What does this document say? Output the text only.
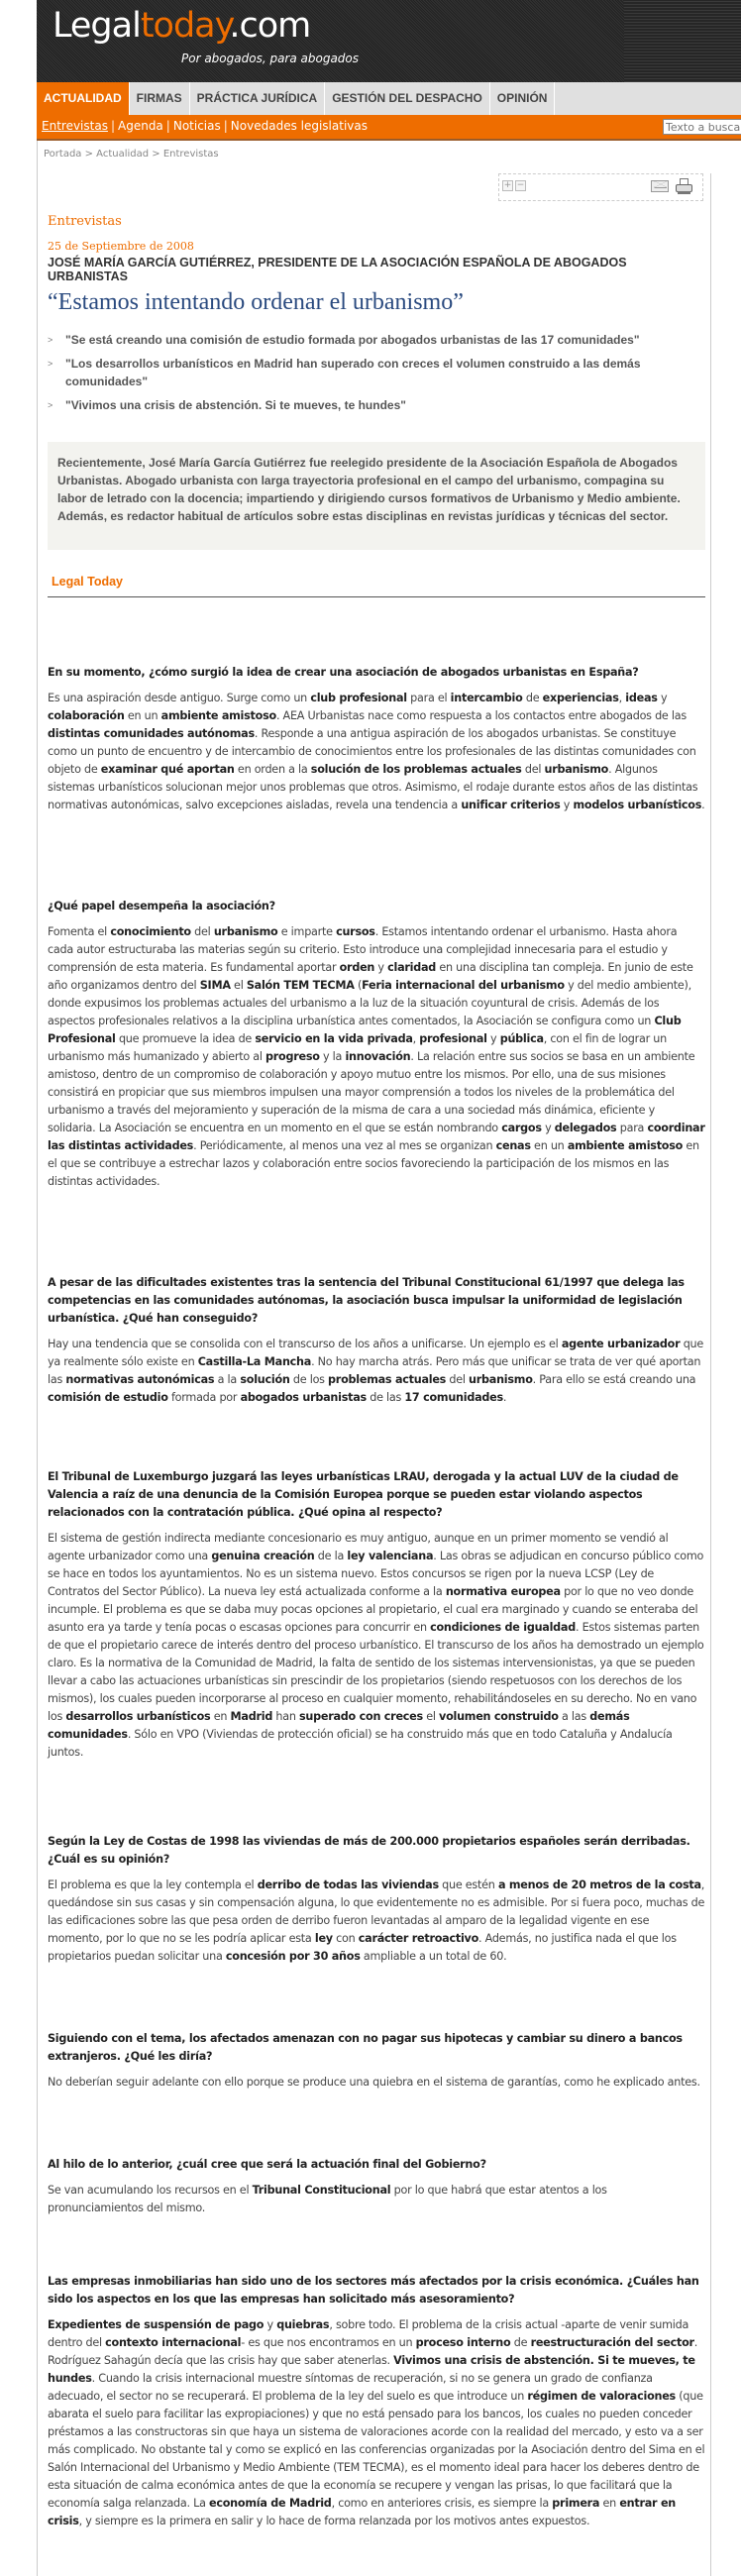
Legaltoday.com
Por abogados, para abogados
ACTUALIDAD	FIRMAS	PRÁCTICA JURÍDICA	GESTIÓN DEL DESPACHO	OPINIÓN
Entrevistas | Agenda | Noticias | Novedades legislativas
Texto a buscar
Portada > Actualidad > Entrevistas
+ −
Entrevistas
25 de Septiembre de 2008
JOSÉ MARÍA GARCÍA GUTIÉRREZ, PRESIDENTE DE LA ASOCIACIÓN ESPAÑOLA DE ABOGADOS URBANISTAS
“Estamos intentando ordenar el urbanismo”
> "Se está creando una comisión de estudio formada por abogados urbanistas de las 17 comunidades"
> "Los desarrollos urbanísticos en Madrid han superado con creces el volumen construido a las demás comunidades"
> "Vivimos una crisis de abstención. Si te mueves, te hundes"
Recientemente, José María García Gutiérrez fue reelegido presidente de la Asociación Española de Abogados Urbanistas. Abogado urbanista con larga trayectoria profesional en el campo del urbanismo, compagina su labor de letrado con la docencia; impartiendo y dirigiendo cursos formativos de Urbanismo y Medio ambiente. Además, es redactor habitual de artículos sobre estas disciplinas en revistas jurídicas y técnicas del sector.
Legal Today
En su momento, ¿cómo surgió la idea de crear una asociación de abogados urbanistas en España?
Es una aspiración desde antiguo. Surge como un club profesional para el intercambio de experiencias, ideas y colaboración en un ambiente amistoso. AEA Urbanistas nace como respuesta a los contactos entre abogados de las distintas comunidades autónomas. Responde a una antigua aspiración de los abogados urbanistas. Se constituye como un punto de encuentro y de intercambio de conocimientos entre los profesionales de las distintas comunidades con objeto de examinar qué aportan en orden a la solución de los problemas actuales del urbanismo. Algunos sistemas urbanísticos solucionan mejor unos problemas que otros. Asimismo, el rodaje durante estos años de las distintas normativas autonómicas, salvo excepciones aisladas, revela una tendencia a unificar criterios y modelos urbanísticos.
¿Qué papel desempeña la asociación?
Fomenta el conocimiento del urbanismo e imparte cursos. Estamos intentando ordenar el urbanismo. Hasta ahora cada autor estructuraba las materias según su criterio. Esto introduce una complejidad innecesaria para el estudio y comprensión de esta materia. Es fundamental aportar orden y claridad en una disciplina tan compleja. En junio de este año organizamos dentro del SIMA el Salón TEM TECMA (Feria internacional del urbanismo y del medio ambiente), donde expusimos los problemas actuales del urbanismo a la luz de la situación coyuntural de crisis. Además de los aspectos profesionales relativos a la disciplina urbanística antes comentados, la Asociación se configura como un Club Profesional que promueve la idea de servicio en la vida privada, profesional y pública, con el fin de lograr un urbanismo más humanizado y abierto al progreso y la innovación. La relación entre sus socios se basa en un ambiente amistoso, dentro de un compromiso de colaboración y apoyo mutuo entre los mismos. Por ello, una de sus misiones consistirá en propiciar que sus miembros impulsen una mayor comprensión a todos los niveles de la problemática del urbanismo a través del mejoramiento y superación de la misma de cara a una sociedad más dinámica, eficiente y solidaria. La Asociación se encuentra en un momento en el que se están nombrando cargos y delegados para coordinar las distintas actividades. Periódicamente, al menos una vez al mes se organizan cenas en un ambiente amistoso en el que se contribuye a estrechar lazos y colaboración entre socios favoreciendo la participación de los mismos en las distintas actividades.
A pesar de las dificultades existentes tras la sentencia del Tribunal Constitucional 61/1997 que delega las competencias en las comunidades autónomas, la asociación busca impulsar la uniformidad de legislación urbanística. ¿Qué han conseguido?
Hay una tendencia que se consolida con el transcurso de los años a unificarse. Un ejemplo es el agente urbanizador que ya realmente sólo existe en Castilla-La Mancha. No hay marcha atrás. Pero más que unificar se trata de ver qué aportan las normativas autonómicas a la solución de los problemas actuales del urbanismo. Para ello se está creando una comisión de estudio formada por abogados urbanistas de las 17 comunidades.
El Tribunal de Luxemburgo juzgará las leyes urbanísticas LRAU, derogada y la actual LUV de la ciudad de Valencia a raíz de una denuncia de la Comisión Europea porque se pueden estar violando aspectos relacionados con la contratación pública. ¿Qué opina al respecto?
El sistema de gestión indirecta mediante concesionario es muy antiguo, aunque en un primer momento se vendió al agente urbanizador como una genuina creación de la ley valenciana. Las obras se adjudican en concurso público como se hace en todos los ayuntamientos. No es un sistema nuevo. Estos concursos se rigen por la nueva LCSP (Ley de Contratos del Sector Público). La nueva ley está actualizada conforme a la normativa europea por lo que no veo donde incumple. El problema es que se daba muy pocas opciones al propietario, el cual era marginado y cuando se enteraba del asunto era ya tarde y tenía pocas o escasas opciones para concurrir en condiciones de igualdad. Estos sistemas parten de que el propietario carece de interés dentro del proceso urbanístico. El transcurso de los años ha demostrado un ejemplo claro. Es la normativa de la Comunidad de Madrid, la falta de sentido de los sistemas intervensionistas, ya que se pueden llevar a cabo las actuaciones urbanísticas sin prescindir de los propietarios (siendo respetuosos con los derechos de los mismos), los cuales pueden incorporarse al proceso en cualquier momento, rehabilitándoseles en su derecho. No en vano los desarrollos urbanísticos en Madrid han superado con creces el volumen construido a las demás comunidades. Sólo en VPO (Viviendas de protección oficial) se ha construido más que en todo Cataluña y Andalucía juntos.
Según la Ley de Costas de 1998 las viviendas de más de 200.000 propietarios españoles serán derribadas. ¿Cuál es su opinión?
El problema es que la ley contempla el derribo de todas las viviendas que estén a menos de 20 metros de la costa, quedándose sin sus casas y sin compensación alguna, lo que evidentemente no es admisible. Por si fuera poco, muchas de las edificaciones sobre las que pesa orden de derribo fueron levantadas al amparo de la legalidad vigente en ese momento, por lo que no se les podría aplicar esta ley con carácter retroactivo. Además, no justifica nada el que los propietarios puedan solicitar una concesión por 30 años ampliable a un total de 60.
Siguiendo con el tema, los afectados amenazan con no pagar sus hipotecas y cambiar su dinero a bancos extranjeros. ¿Qué les diría?
No deberían seguir adelante con ello porque se produce una quiebra en el sistema de garantías, como he explicado antes.
Al hilo de lo anterior, ¿cuál cree que será la actuación final del Gobierno?
Se van acumulando los recursos en el Tribunal Constitucional por lo que habrá que estar atentos a los pronunciamientos del mismo.
Las empresas inmobiliarias han sido uno de los sectores más afectados por la crisis económica. ¿Cuáles han sido los aspectos en los que las empresas han solicitado más asesoramiento?
Expedientes de suspensión de pago y quiebras, sobre todo. El problema de la crisis actual -aparte de venir sumida dentro del contexto internacional- es que nos encontramos en un proceso interno de reestructuración del sector. Rodríguez Sahagún decía que las crisis hay que saber atenerlas. Vivimos una crisis de abstención. Si te mueves, te hundes. Cuando la crisis internacional muestre síntomas de recuperación, si no se genera un grado de confianza adecuado, el sector no se recuperará. El problema de la ley del suelo es que introduce un régimen de valoraciones (que abarata el suelo para facilitar las expropiaciones) y que no está pensado para los bancos, los cuales no pueden conceder préstamos a las constructoras sin que haya un sistema de valoraciones acorde con la realidad del mercado, y esto va a ser más complicado. No obstante tal y como se explicó en las conferencias organizadas por la Asociación dentro del Sima en el Salón Internacional del Urbanismo y Medio Ambiente (TEM TECMA), es el momento ideal para hacer los deberes dentro de esta situación de calma económica antes de que la economía se recupere y vengan las prisas, lo que facilitará que la economía salga relanzada. La economía de Madrid, como en anteriores crisis, es siempre la primera en entrar en crisis, y siempre es la primera en salir y lo hace de forma relanzada por los motivos antes expuestos.
